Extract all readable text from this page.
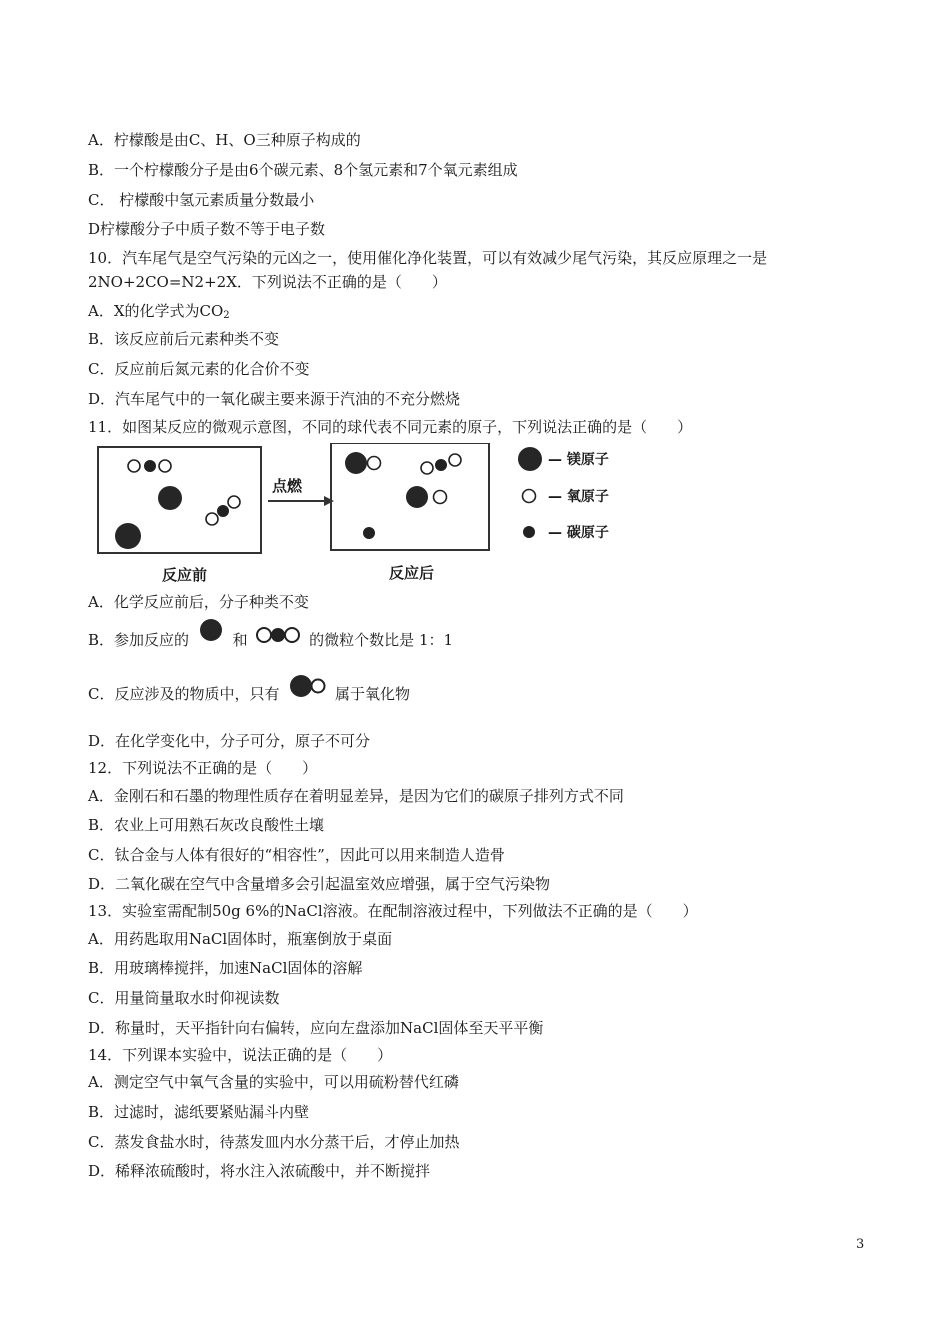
A．柠檬酸是由C、H、O三种原子构成的
B．一个柠檬酸分子是由6个碳元素、8个氢元素和7个氧元素组成
C． 柠檬酸中氢元素质量分数最小
D柠檬酸分子中质子数不等于电子数
10．汽车尾气是空气污染的元凶之一，使用催化净化装置，可以有效减少尾气污染，其反应原理之一是
2NO+2CO=N2+2X．下列说法不正确的是（　　）
A．X的化学式为$CO_2$
B．该反应前后元素种类不变
C．反应前后氮元素的化合价不变
D．汽车尾气中的一氧化碳主要来源于汽油的不充分燃烧
11．如图某反应的微观示意图，不同的球代表不同元素的原子，下列说法正确的是（　　）
点燃
反应前	反应后
— 镁原子
— 氧原子
— 碳原子
A．化学反应前后，分子种类不变
B．参加反应的	和	的微粒个数比是 1：1
C．反应涉及的物质中，只有	属于氧化物
D．在化学变化中，分子可分，原子不可分
12．下列说法不正确的是（　　）
A．金刚石和石墨的物理性质存在着明显差异，是因为它们的碳原子排列方式不同
B．农业上可用熟石灰改良酸性土壤
C．钛合金与人体有很好的“相容性”，因此可以用来制造人造骨
D．二氧化碳在空气中含量增多会引起温室效应增强，属于空气污染物
13．实验室需配制50g 6%的NaCl溶液。在配制溶液过程中，下列做法不正确的是（　　）
A．用药匙取用NaCl固体时，瓶塞倒放于桌面
B．用玻璃棒搅拌，加速NaCl固体的溶解
C．用量筒量取水时仰视读数
D．称量时，天平指针向右偏转，应向左盘添加NaCl固体至天平平衡
14．下列课本实验中，说法正确的是（　　）
A．测定空气中氧气含量的实验中，可以用硫粉替代红磷
B．过滤时，滤纸要紧贴漏斗内壁
C．蒸发食盐水时，待蒸发皿内水分蒸干后，才停止加热
D．稀释浓硫酸时，将水注入浓硫酸中，并不断搅拌
3
